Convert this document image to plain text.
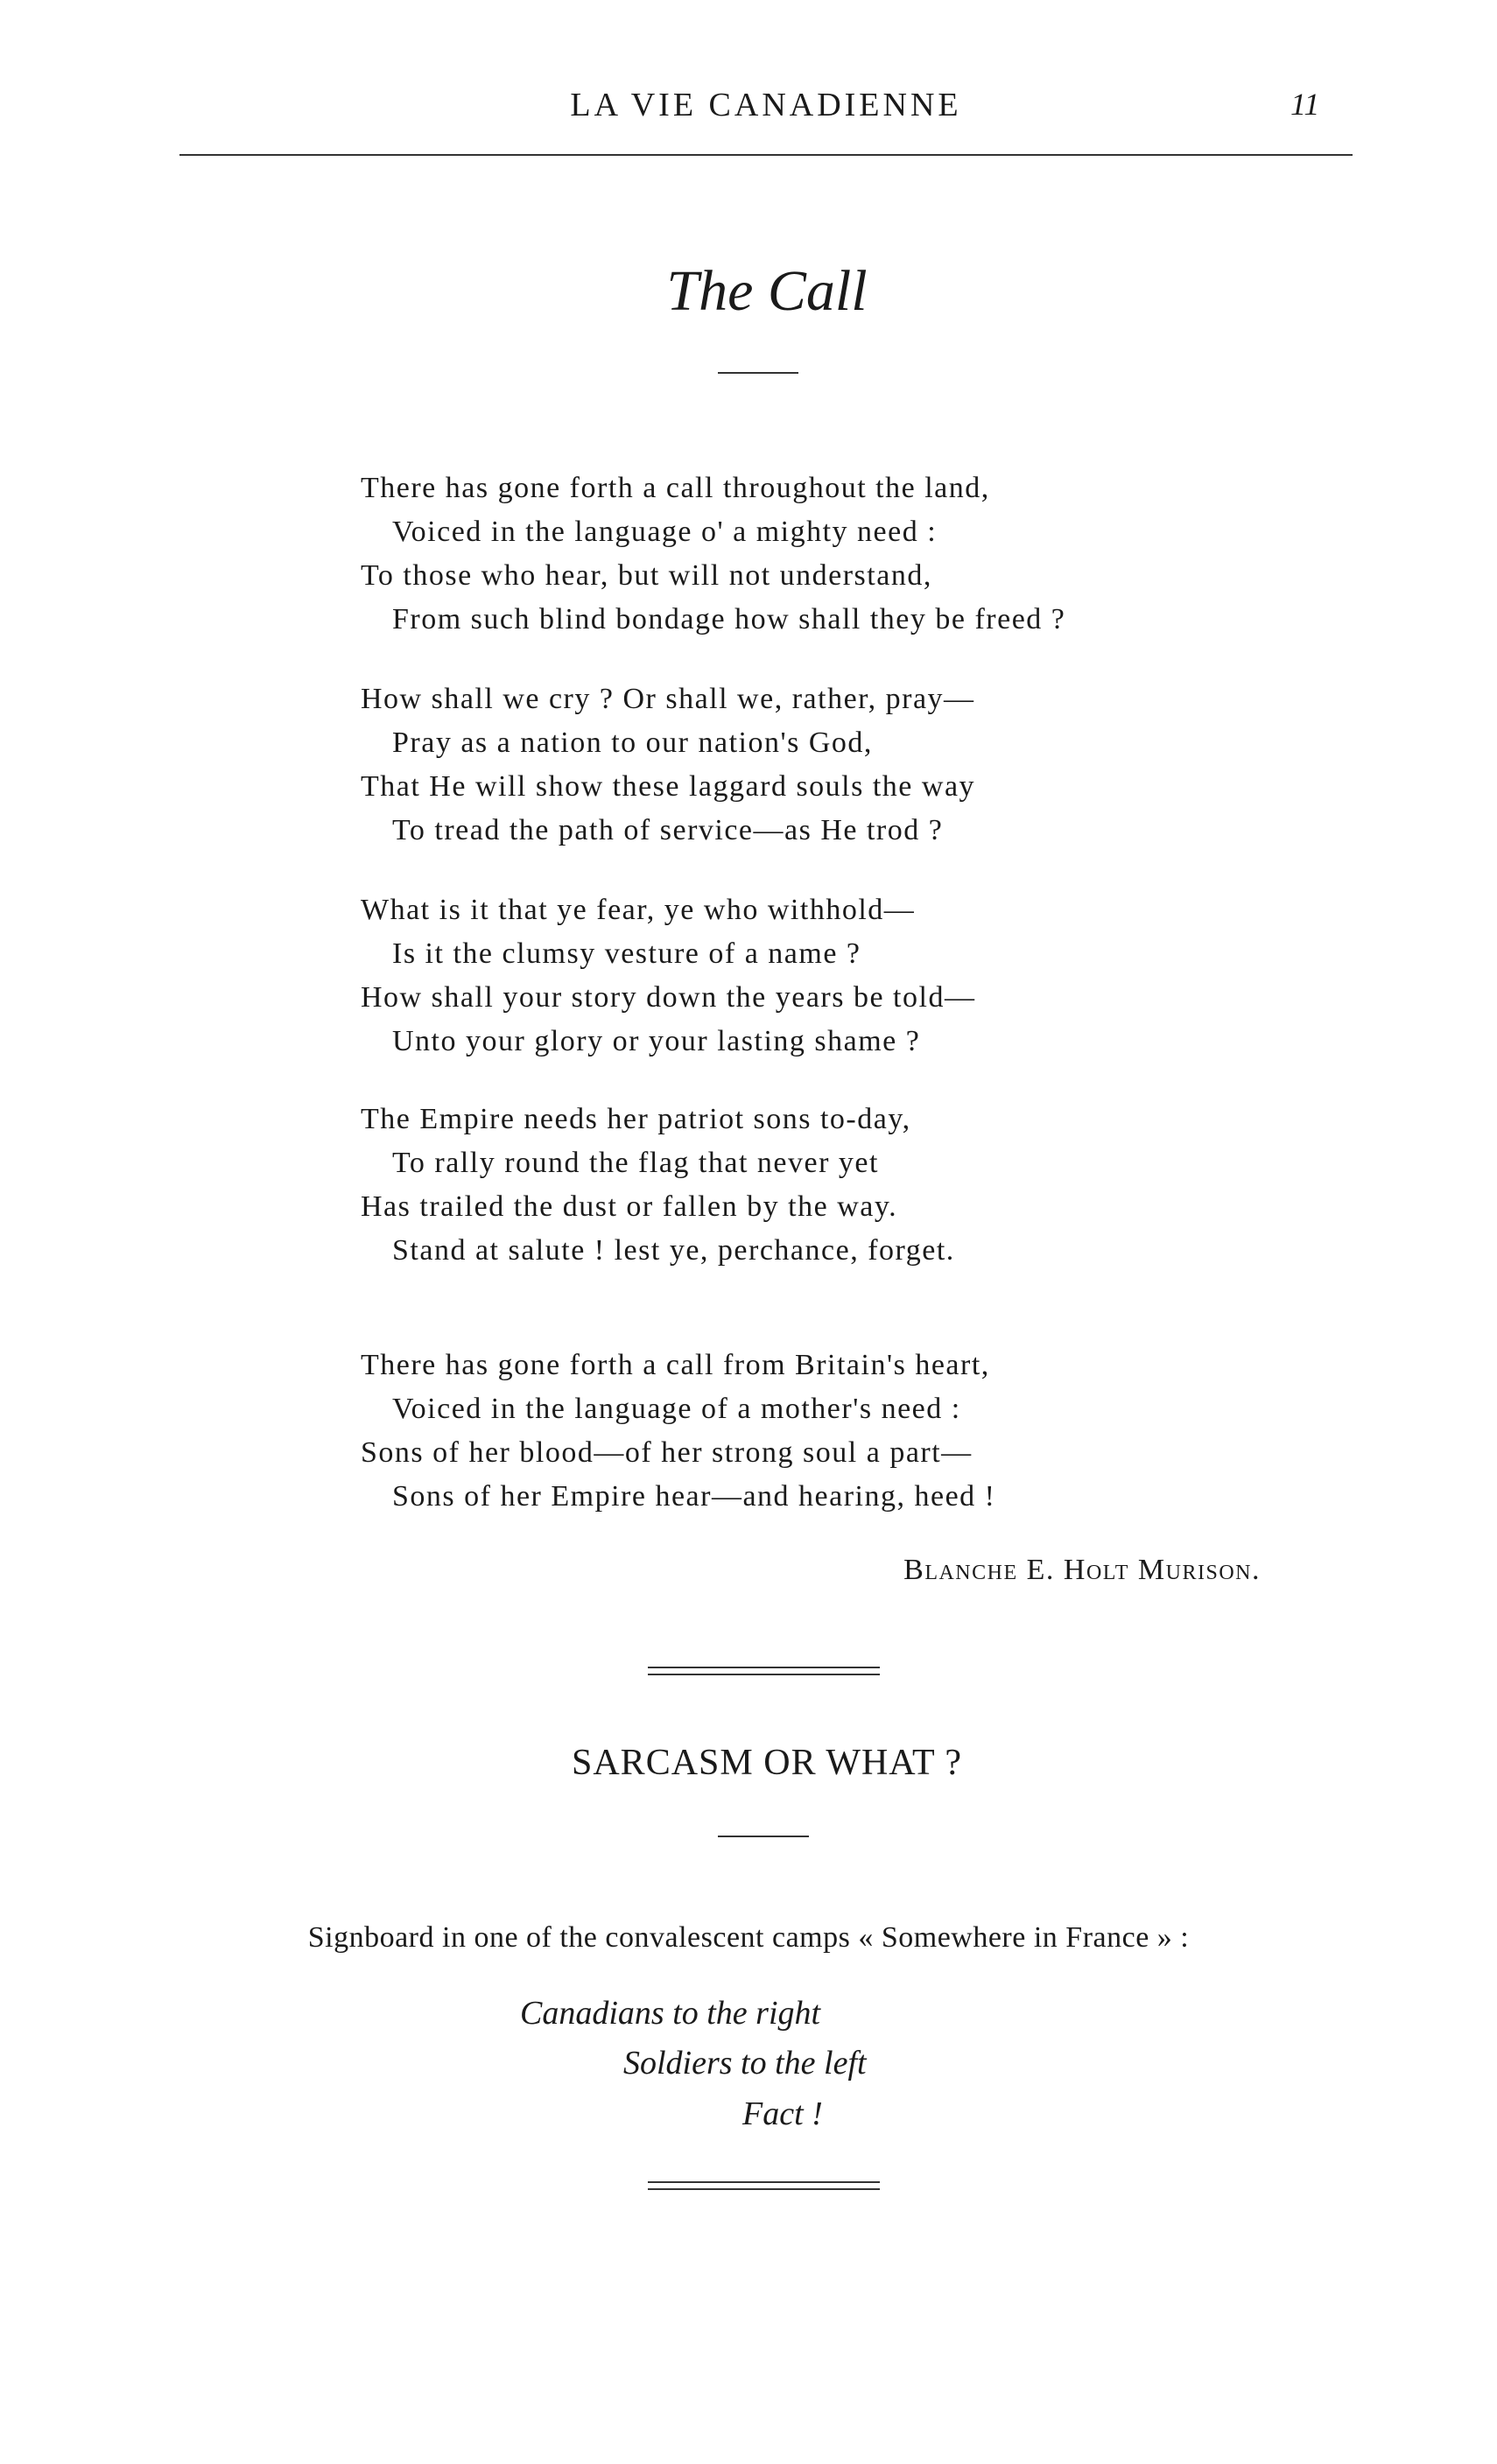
LA VIE CANADIENNE	11
The Call
There has gone forth a call throughout the land,
Voiced in the language o' a mighty need :
To those who hear, but will not understand,
From such blind bondage how shall they be freed ?
How shall we cry ? Or shall we, rather, pray—
Pray as a nation to our nation's God,
That He will show these laggard souls the way
To tread the path of service—as He trod ?
What is it that ye fear, ye who withhold—
Is it the clumsy vesture of a name ?
How shall your story down the years be told—
Unto your glory or your lasting shame ?
The Empire needs her patriot sons to-day,
To rally round the flag that never yet
Has trailed the dust or fallen by the way.
Stand at salute ! lest ye, perchance, forget.
There has gone forth a call from Britain's heart,
Voiced in the language of a mother's need :
Sons of her blood—of her strong soul a part—
Sons of her Empire hear—and hearing, heed !
Blanche E. Holt Murison.
SARCASM OR WHAT ?
Signboard in one of the convalescent camps « Somewhere in France » :
Canadians to the right
Soldiers to the left
Fact !
